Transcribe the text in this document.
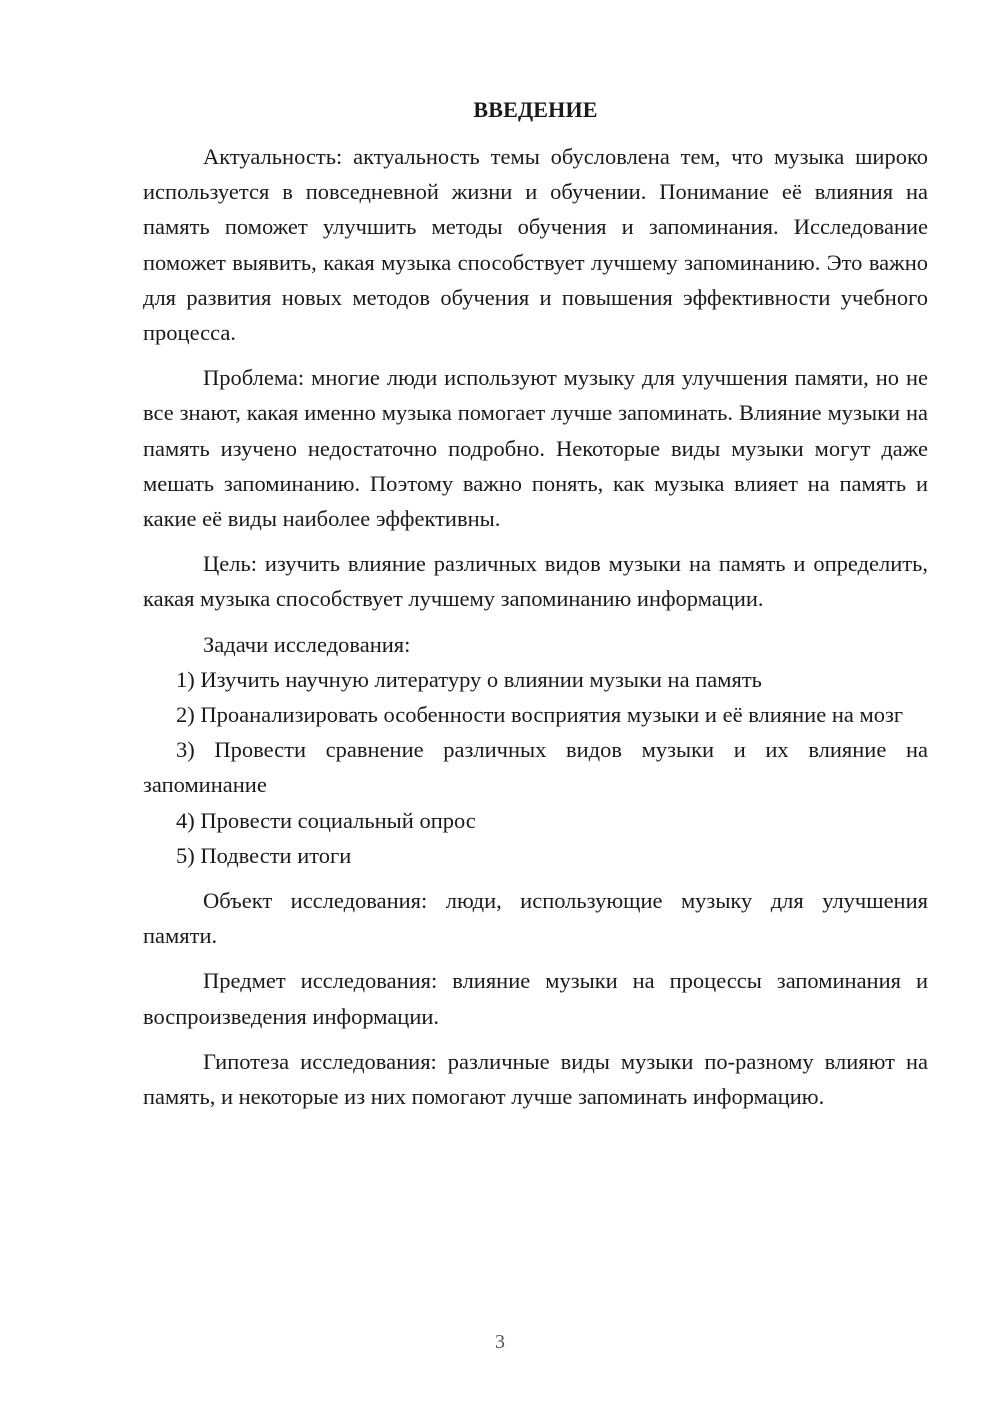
ВВЕДЕНИЕ

Актуальность: актуальность темы обусловлена тем, что музыка широко используется в повседневной жизни и обучении. Понимание её влияния на память поможет улучшить методы обучения и запоминания. Исследование поможет выявить, какая музыка способствует лучшему запоминанию. Это важно для развития новых методов обучения и повышения эффективности учебного процесса.

Проблема: многие люди используют музыку для улучшения памяти, но не все знают, какая именно музыка помогает лучше запоминать. Влияние музыки на память изучено недостаточно подробно. Некоторые виды музыки могут даже мешать запоминанию. Поэтому важно понять, как музыка влияет на память и какие её виды наиболее эффективны.

Цель: изучить влияние различных видов музыки на память и определить, какая музыка способствует лучшему запоминанию информации.

Задачи исследования:

1) Изучить научную литературу о влиянии музыки на память

2) Проанализировать особенности восприятия музыки и её влияние на мозг

3) Провести сравнение различных видов музыки и их влияние на запоминание

4) Провести социальный опрос

5) Подвести итоги

Объект исследования: люди, использующие музыку для улучшения памяти.

Предмет исследования: влияние музыки на процессы запоминания и воспроизведения информации.

Гипотеза исследования: различные виды музыки по-разному влияют на память, и некоторые из них помогают лучше запоминать информацию.

3
